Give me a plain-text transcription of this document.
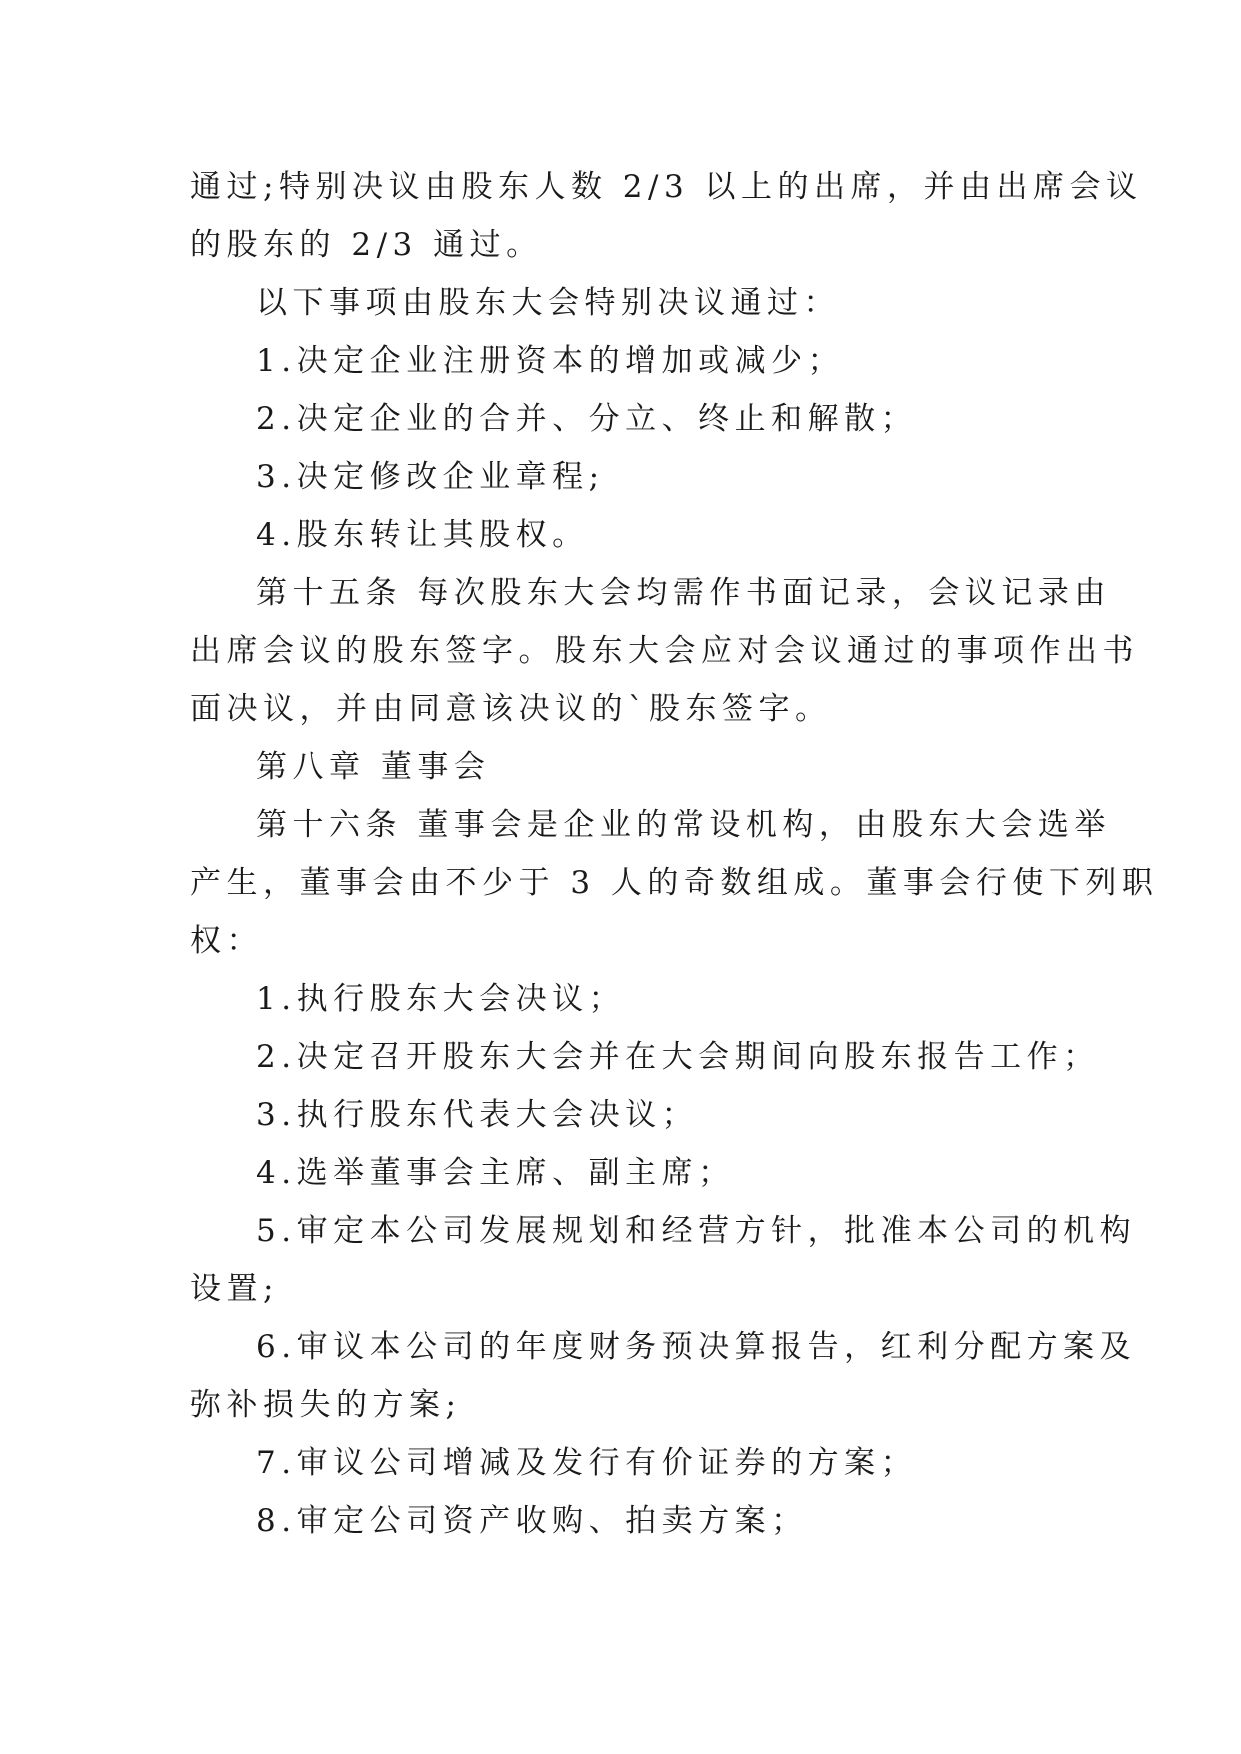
通过;特别决议由股东人数 2/3 以上的出席，并由出席会议
的股东的 2/3 通过。

以下事项由股东大会特别决议通过：

1.决定企业注册资本的增加或减少；

2.决定企业的合并、分立、终止和解散；

3.决定修改企业章程;

4.股东转让其股权。

第十五条 每次股东大会均需作书面记录，会议记录由
出席会议的股东签字。股东大会应对会议通过的事项作出书
面决议，并由同意该决议的`股东签字。

第八章 董事会

第十六条 董事会是企业的常设机构，由股东大会选举
产生，董事会由不少于 3 人的奇数组成。董事会行使下列职
权：

1.执行股东大会决议；

2.决定召开股东大会并在大会期间向股东报告工作；

3.执行股东代表大会决议；

4.选举董事会主席、副主席；

5.审定本公司发展规划和经营方针，批准本公司的机构
设置;

6.审议本公司的年度财务预决算报告，红利分配方案及
弥补损失的方案;

7.审议公司增减及发行有价证券的方案；

8.审定公司资产收购、拍卖方案；
